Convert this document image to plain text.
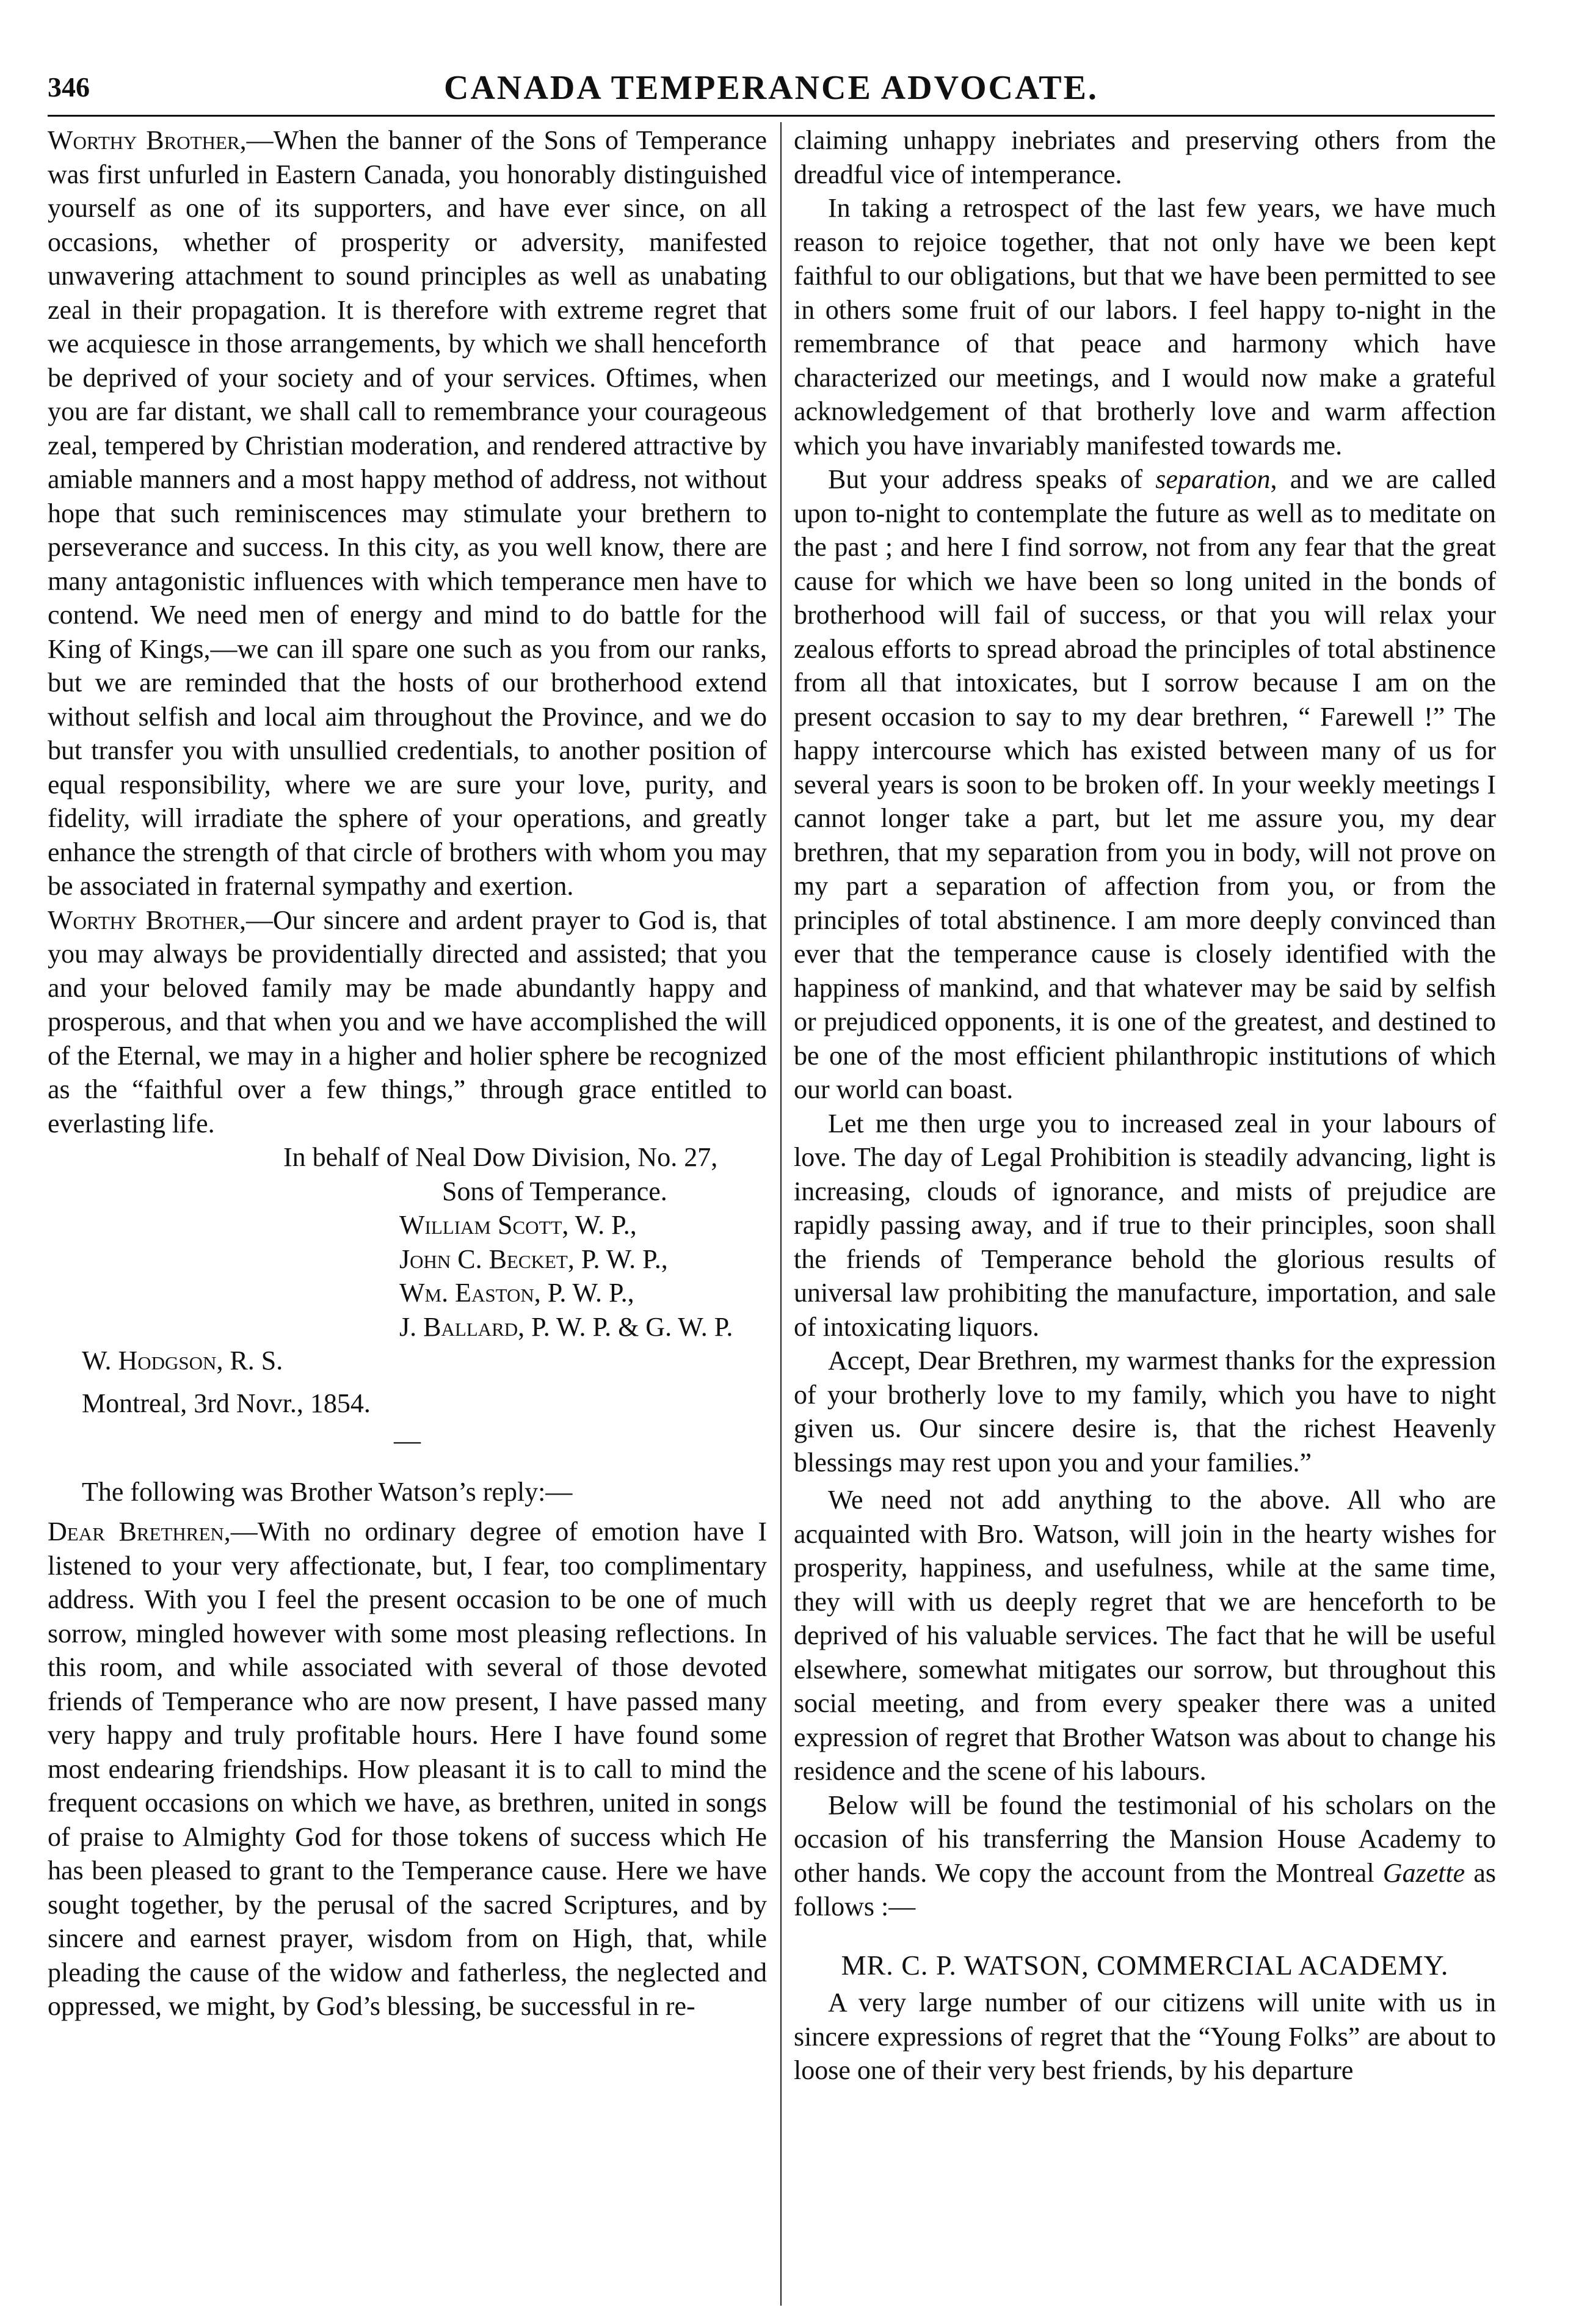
346	CANADA TEMPERANCE ADVOCATE.

Worthy Brother,—When the banner of the Sons of Temperance was first unfurled in Eastern Canada, you honorably distinguished yourself as one of its supporters, and have ever since, on all occasions, whether of prosperity or adversity, manifested unwavering attachment to sound principles as well as unabating zeal in their propagation. It is therefore with extreme regret that we acquiesce in those arrangements, by which we shall henceforth be deprived of your society and of your services. Oftimes, when you are far distant, we shall call to remembrance your courageous zeal, tempered by Christian moderation, and rendered attractive by amiable manners and a most happy method of address, not without hope that such reminiscences may stimulate your brethern to perseverance and success. In this city, as you well know, there are many antagonistic influences with which temperance men have to contend. We need men of energy and mind to do battle for the King of Kings,—we can ill spare one such as you from our ranks, but we are reminded that the hosts of our brotherhood extend without selfish and local aim throughout the Province, and we do but transfer you with unsullied credentials, to another position of equal responsibility, where we are sure your love, purity, and fidelity, will irradiate the sphere of your operations, and greatly enhance the strength of that circle of brothers with whom you may be associated in fraternal sympathy and exertion.

Worthy Brother,—Our sincere and ardent prayer to God is, that you may always be providentially directed and assisted; that you and your beloved family may be made abundantly happy and prosperous, and that when you and we have accomplished the will of the Eternal, we may in a higher and holier sphere be recognized as the “faithful over a few things,” through grace entitled to everlasting life.

In behalf of Neal Dow Division, No. 27,
Sons of Temperance.
William Scott, W. P.,
John C. Becket, P. W. P.,
Wm. Easton, P. W. P.,
J. Ballard, P. W. P. & G. W. P.

W. Hodgson, R. S.

Montreal, 3rd Novr., 1854.

—

The following was Brother Watson’s reply:—

Dear Brethren,—With no ordinary degree of emotion have I listened to your very affectionate, but, I fear, too complimentary address. With you I feel the present occasion to be one of much sorrow, mingled however with some most pleasing reflections. In this room, and while associated with several of those devoted friends of Temperance who are now present, I have passed many very happy and truly profitable hours. Here I have found some most endearing friendships. How pleasant it is to call to mind the frequent occasions on which we have, as brethren, united in songs of praise to Almighty God for those tokens of success which He has been pleased to grant to the Temperance cause. Here we have sought together, by the perusal of the sacred Scriptures, and by sincere and earnest prayer, wisdom from on High, that, while pleading the cause of the widow and fatherless, the neglected and oppressed, we might, by God’s blessing, be successful in re-

claiming unhappy inebriates and preserving others from the dreadful vice of intemperance.

In taking a retrospect of the last few years, we have much reason to rejoice together, that not only have we been kept faithful to our obligations, but that we have been permitted to see in others some fruit of our labors. I feel happy to-night in the remembrance of that peace and harmony which have characterized our meetings, and I would now make a grateful acknowledgement of that brotherly love and warm affection which you have invariably manifested towards me.

But your address speaks of separation, and we are called upon to-night to contemplate the future as well as to meditate on the past ; and here I find sorrow, not from any fear that the great cause for which we have been so long united in the bonds of brotherhood will fail of success, or that you will relax your zealous efforts to spread abroad the principles of total abstinence from all that intoxicates, but I sorrow because I am on the present occasion to say to my dear brethren, “ Farewell !” The happy intercourse which has existed between many of us for several years is soon to be broken off. In your weekly meetings I cannot longer take a part, but let me assure you, my dear brethren, that my separation from you in body, will not prove on my part a separation of affection from you, or from the principles of total abstinence. I am more deeply convinced than ever that the temperance cause is closely identified with the happiness of mankind, and that whatever may be said by selfish or prejudiced opponents, it is one of the greatest, and destined to be one of the most efficient philanthropic institutions of which our world can boast.

Let me then urge you to increased zeal in your labours of love. The day of Legal Prohibition is steadily advancing, light is increasing, clouds of ignorance, and mists of prejudice are rapidly passing away, and if true to their principles, soon shall the friends of Temperance behold the glorious results of universal law prohibiting the manufacture, importation, and sale of intoxicating liquors.

Accept, Dear Brethren, my warmest thanks for the expression of your brotherly love to my family, which you have to night given us. Our sincere desire is, that the richest Heavenly blessings may rest upon you and your families.”

We need not add anything to the above. All who are acquainted with Bro. Watson, will join in the hearty wishes for prosperity, happiness, and usefulness, while at the same time, they will with us deeply regret that we are henceforth to be deprived of his valuable services. The fact that he will be useful elsewhere, somewhat mitigates our sorrow, but throughout this social meeting, and from every speaker there was a united expression of regret that Brother Watson was about to change his residence and the scene of his labours.

Below will be found the testimonial of his scholars on the occasion of his transferring the Mansion House Academy to other hands. We copy the account from the Montreal Gazette as follows :—

MR. C. P. WATSON, COMMERCIAL ACADEMY.

A very large number of our citizens will unite with us in sincere expressions of regret that the “Young Folks” are about to loose one of their very best friends, by his departure
